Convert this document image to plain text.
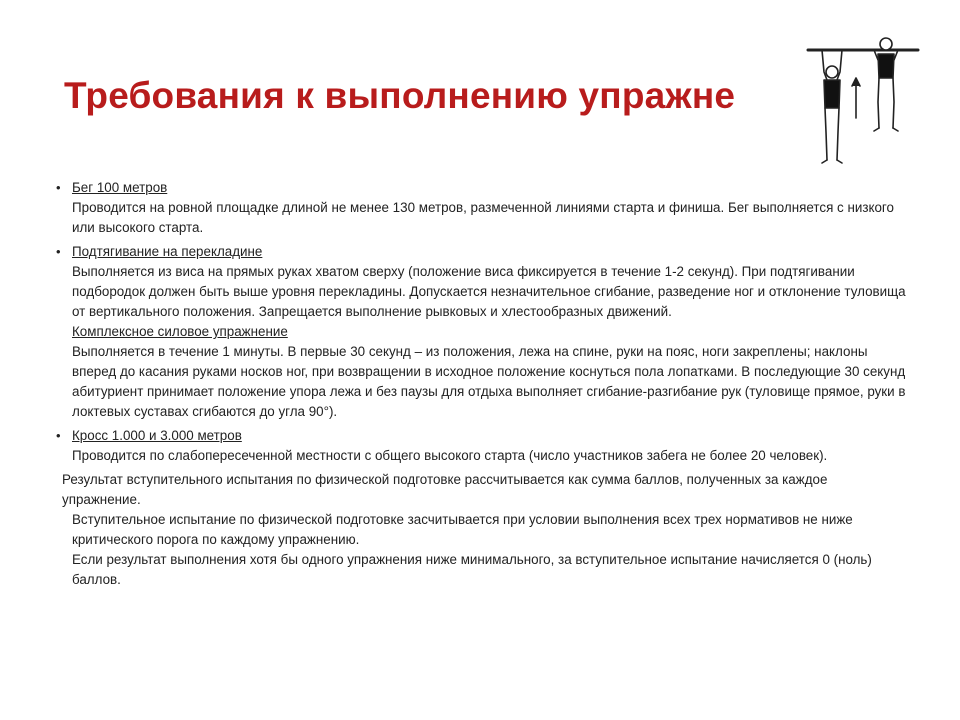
Требования к выполнению упражне
• Бег 100 метров
Проводится на ровной площадке длиной не менее 130 метров, размеченной линиями старта и финиша. Бег выполняется с низкого или высокого старта.
• Подтягивание на перекладине
Выполняется из виса на прямых руках хватом сверху (положение виса фиксируется в течение 1-2 секунд). При подтягивании подбородок должен быть выше уровня перекладины. Допускается незначительное сгибание, разведение ног и отклонение туловища от вертикального положения. Запрещается выполнение рывковых и хлестообразных движений.
Комплексное силовое упражнение
Выполняется в течение 1 минуты. В первые 30 секунд – из положения, лежа на спине, руки на пояс, ноги закреплены; наклоны вперед до касания руками носков ног, при возвращении в исходное положение коснуться пола лопатками. В последующие 30 секунд абитуриент принимает положение упора лежа и без паузы для отдыха выполняет сгибание-разгибание рук (туловище прямое, руки в локтевых суставах сгибаются до угла 90°).
• Кросс 1.000 и 3.000 метров
Проводится по слабопересеченной местности с общего высокого старта (число участников забега не более 20 человек).
Результат вступительного испытания по физической подготовке рассчитывается как сумма баллов, полученных за каждое упражнение.
Вступительное испытание по физической подготовке засчитывается при условии выполнения всех трех нормативов не ниже критического порога по каждому упражнению.
Если результат выполнения хотя бы одного упражнения ниже минимального, за вступительное испытание начисляется 0 (ноль) баллов.
